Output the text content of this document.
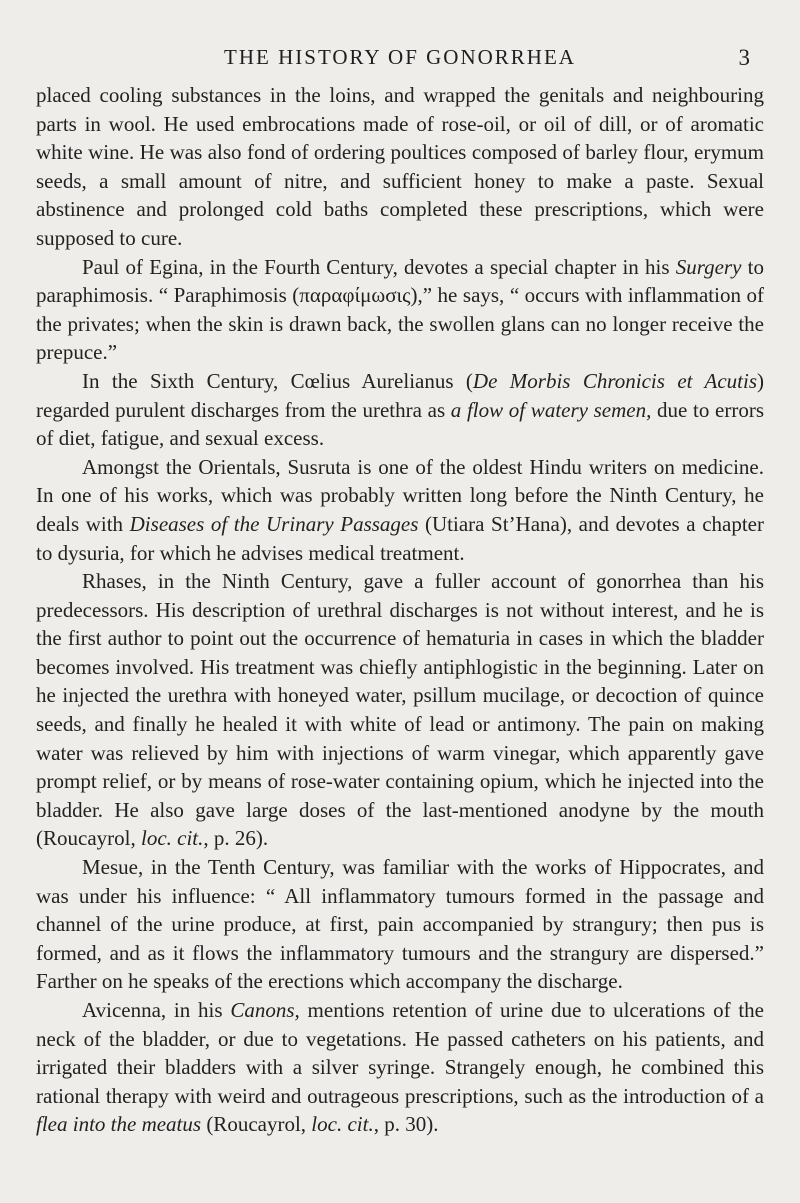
THE HISTORY OF GONORRHEA	3

placed cooling substances in the loins, and wrapped the genitals and neighbouring parts in wool. He used embrocations made of rose-oil, or oil of dill, or of aromatic white wine. He was also fond of ordering poultices composed of barley flour, erymum seeds, a small amount of nitre, and sufficient honey to make a paste. Sexual abstinence and prolonged cold baths completed these prescriptions, which were supposed to cure.

Paul of Egina, in the Fourth Century, devotes a special chapter in his Surgery to paraphimosis. “ Paraphimosis (παραφίμωσις),” he says, “ occurs with inflammation of the privates; when the skin is drawn back, the swollen glans can no longer receive the prepuce.”

In the Sixth Century, Cœlius Aurelianus (De Morbis Chronicis et Acutis) regarded purulent discharges from the urethra as a flow of watery semen, due to errors of diet, fatigue, and sexual excess.

Amongst the Orientals, Susruta is one of the oldest Hindu writers on medicine. In one of his works, which was probably written long before the Ninth Century, he deals with Diseases of the Urinary Passages (Utiara St’Hana), and devotes a chapter to dysuria, for which he advises medical treatment.

Rhases, in the Ninth Century, gave a fuller account of gonorrhea than his predecessors. His description of urethral discharges is not without interest, and he is the first author to point out the occurrence of hematuria in cases in which the bladder becomes involved. His treatment was chiefly antiphlogistic in the beginning. Later on he injected the urethra with honeyed water, psillum mucilage, or decoction of quince seeds, and finally he healed it with white of lead or antimony. The pain on making water was relieved by him with injections of warm vinegar, which apparently gave prompt relief, or by means of rose-water containing opium, which he injected into the bladder. He also gave large doses of the last-mentioned anodyne by the mouth (Roucayrol, loc. cit., p. 26).

Mesue, in the Tenth Century, was familiar with the works of Hippocrates, and was under his influence: “ All inflammatory tumours formed in the passage and channel of the urine produce, at first, pain accompanied by strangury; then pus is formed, and as it flows the inflammatory tumours and the strangury are dispersed.” Farther on he speaks of the erections which accompany the discharge.

Avicenna, in his Canons, mentions retention of urine due to ulcerations of the neck of the bladder, or due to vegetations. He passed catheters on his patients, and irrigated their bladders with a silver syringe. Strangely enough, he combined this rational therapy with weird and outrageous prescriptions, such as the introduction of a flea into the meatus (Roucayrol, loc. cit., p. 30).
